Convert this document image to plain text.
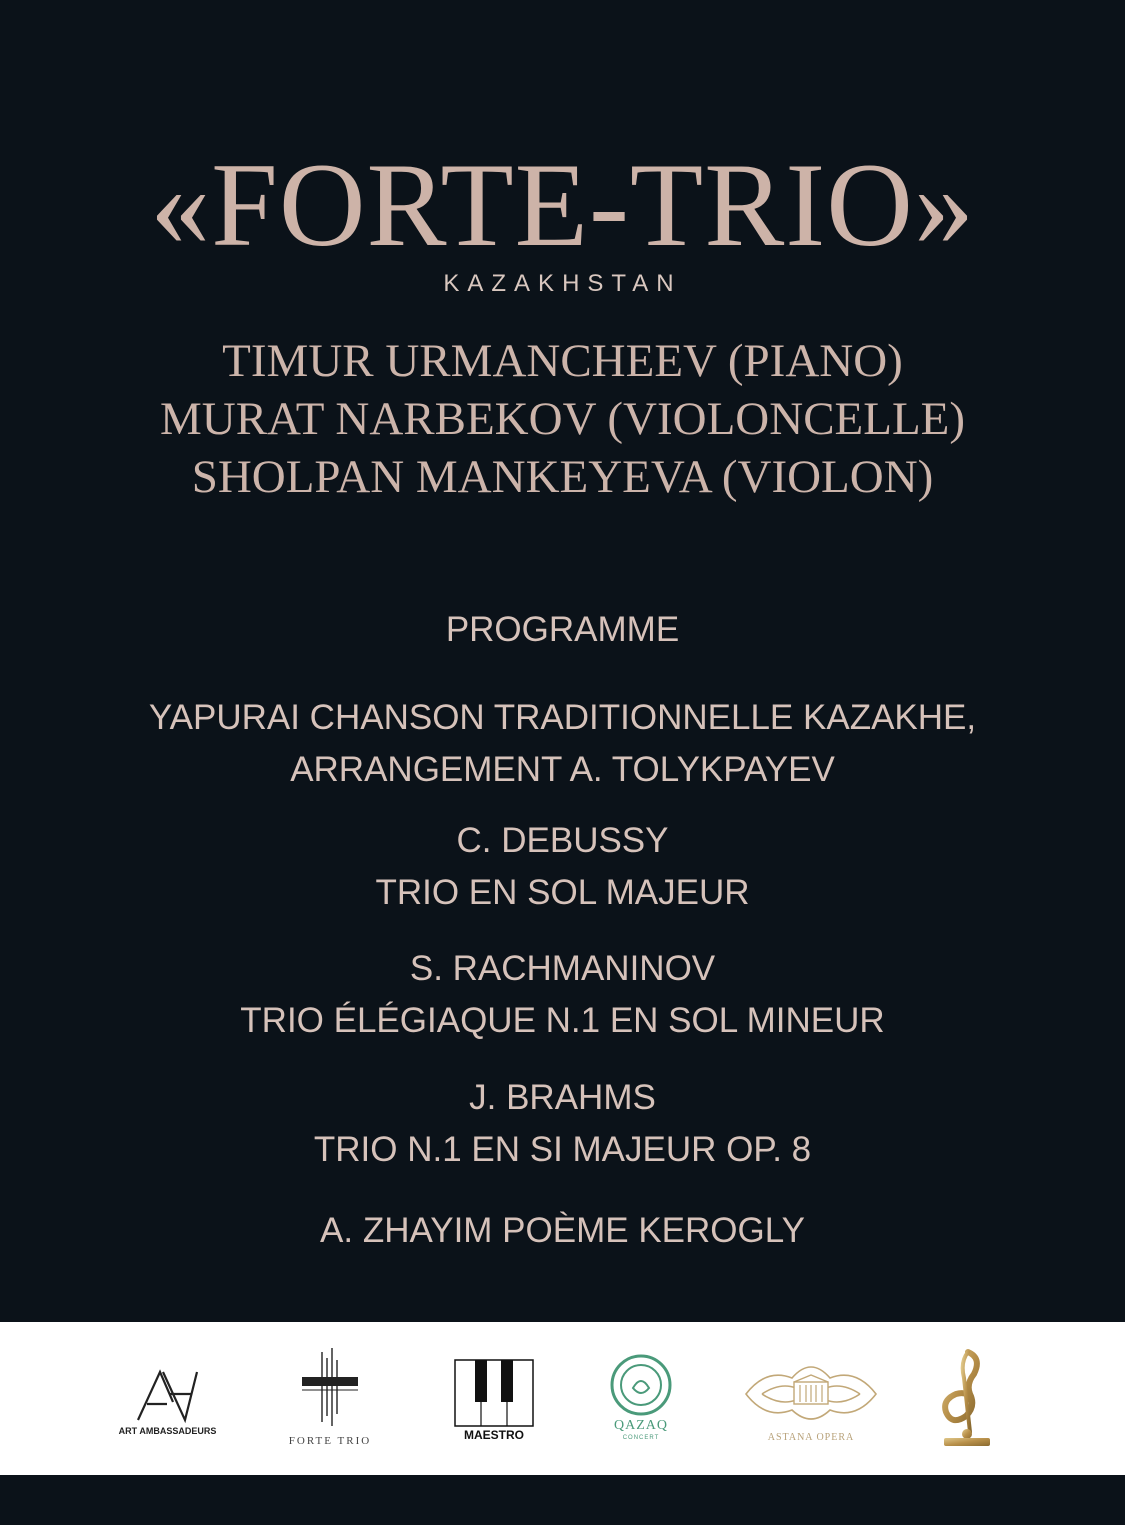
«FORTE-TRIO»
KAZAKHSTAN
TIMUR URMANCHEEV (PIANO)
MURAT NARBEKOV (VIOLONCELLE)
SHOLPAN MANKEYEVA (VIOLON)
PROGRAMME
YAPURAI CHANSON TRADITIONNELLE KAZAKHE,
ARRANGEMENT A. TOLYKPAYEV
C. DEBUSSY
TRIO EN SOL MAJEUR
S. RACHMANINOV
TRIO ÉLÉGIAQUE N.1 EN SOL MINEUR
J. BRAHMS
TRIO N.1 EN SI MAJEUR OP. 8
A. ZHAYIM POÈME KEROGLY
ART AMBASSADEURS
FORTE TRIO	MAESTRO
QAZAQ
CONCERT	ASTANA OPERA
